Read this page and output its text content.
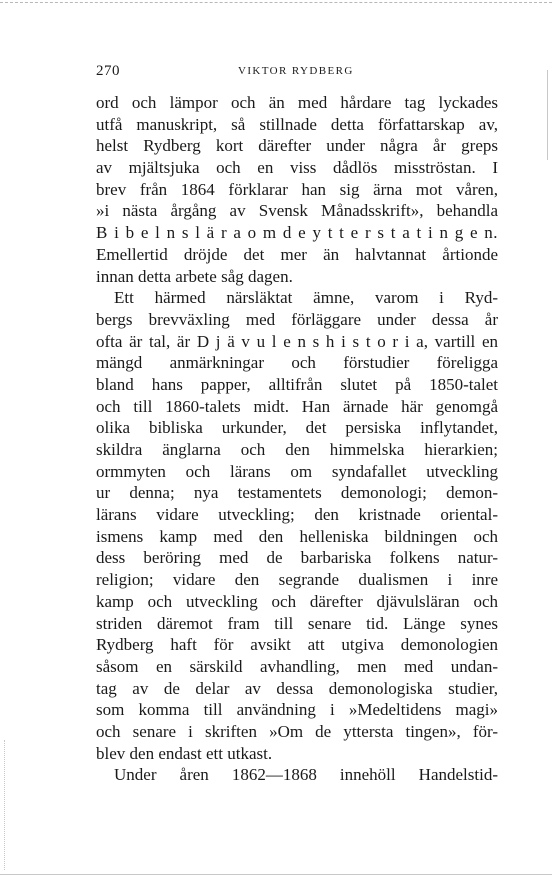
270	VIKTOR RYDBERG
ord och lämpor och än med hårdare tag lyckades
utfå manuskript, så stillnade detta författarskap av,
helst Rydberg kort därefter under några år greps
av mjältsjuka och en viss dådlös misströstan. I
brev från 1864 förklarar han sig ärna mot våren,
»i nästa årgång av Svensk Månadsskrift», behandla
B i b e l n s l ä r a o m d e y t t e r s t a t i n g e n.
Emellertid dröjde det mer än halvtannat årtionde
innan detta arbete såg dagen.
Ett härmed närsläktat ämne, varom i Ryd-
bergs brevväxling med förläggare under dessa år
ofta är tal, är D j ä v u l e n s h i s t o r i a, vartill en
mängd anmärkningar och förstudier föreligga
bland hans papper, alltifrån slutet på 1850-talet
och till 1860-talets midt. Han ärnade här genomgå
olika bibliska urkunder, det persiska inflytandet,
skildra änglarna och den himmelska hierarkien;
ormmyten och lärans om syndafallet utveckling
ur denna; nya testamentets demonologi; demon-
lärans vidare utveckling; den kristnade oriental-
ismens kamp med den helleniska bildningen och
dess beröring med de barbariska folkens natur-
religion; vidare den segrande dualismen i inre
kamp och utveckling och därefter djävulsläran och
striden däremot fram till senare tid. Länge synes
Rydberg haft för avsikt att utgiva demonologien
såsom en särskild avhandling, men med undan-
tag av de delar av dessa demonologiska studier,
som komma till användning i »Medeltidens magi»
och senare i skriften »Om de yttersta tingen», för-
blev den endast ett utkast.
Under åren 1862—1868 innehöll Handelstid-
